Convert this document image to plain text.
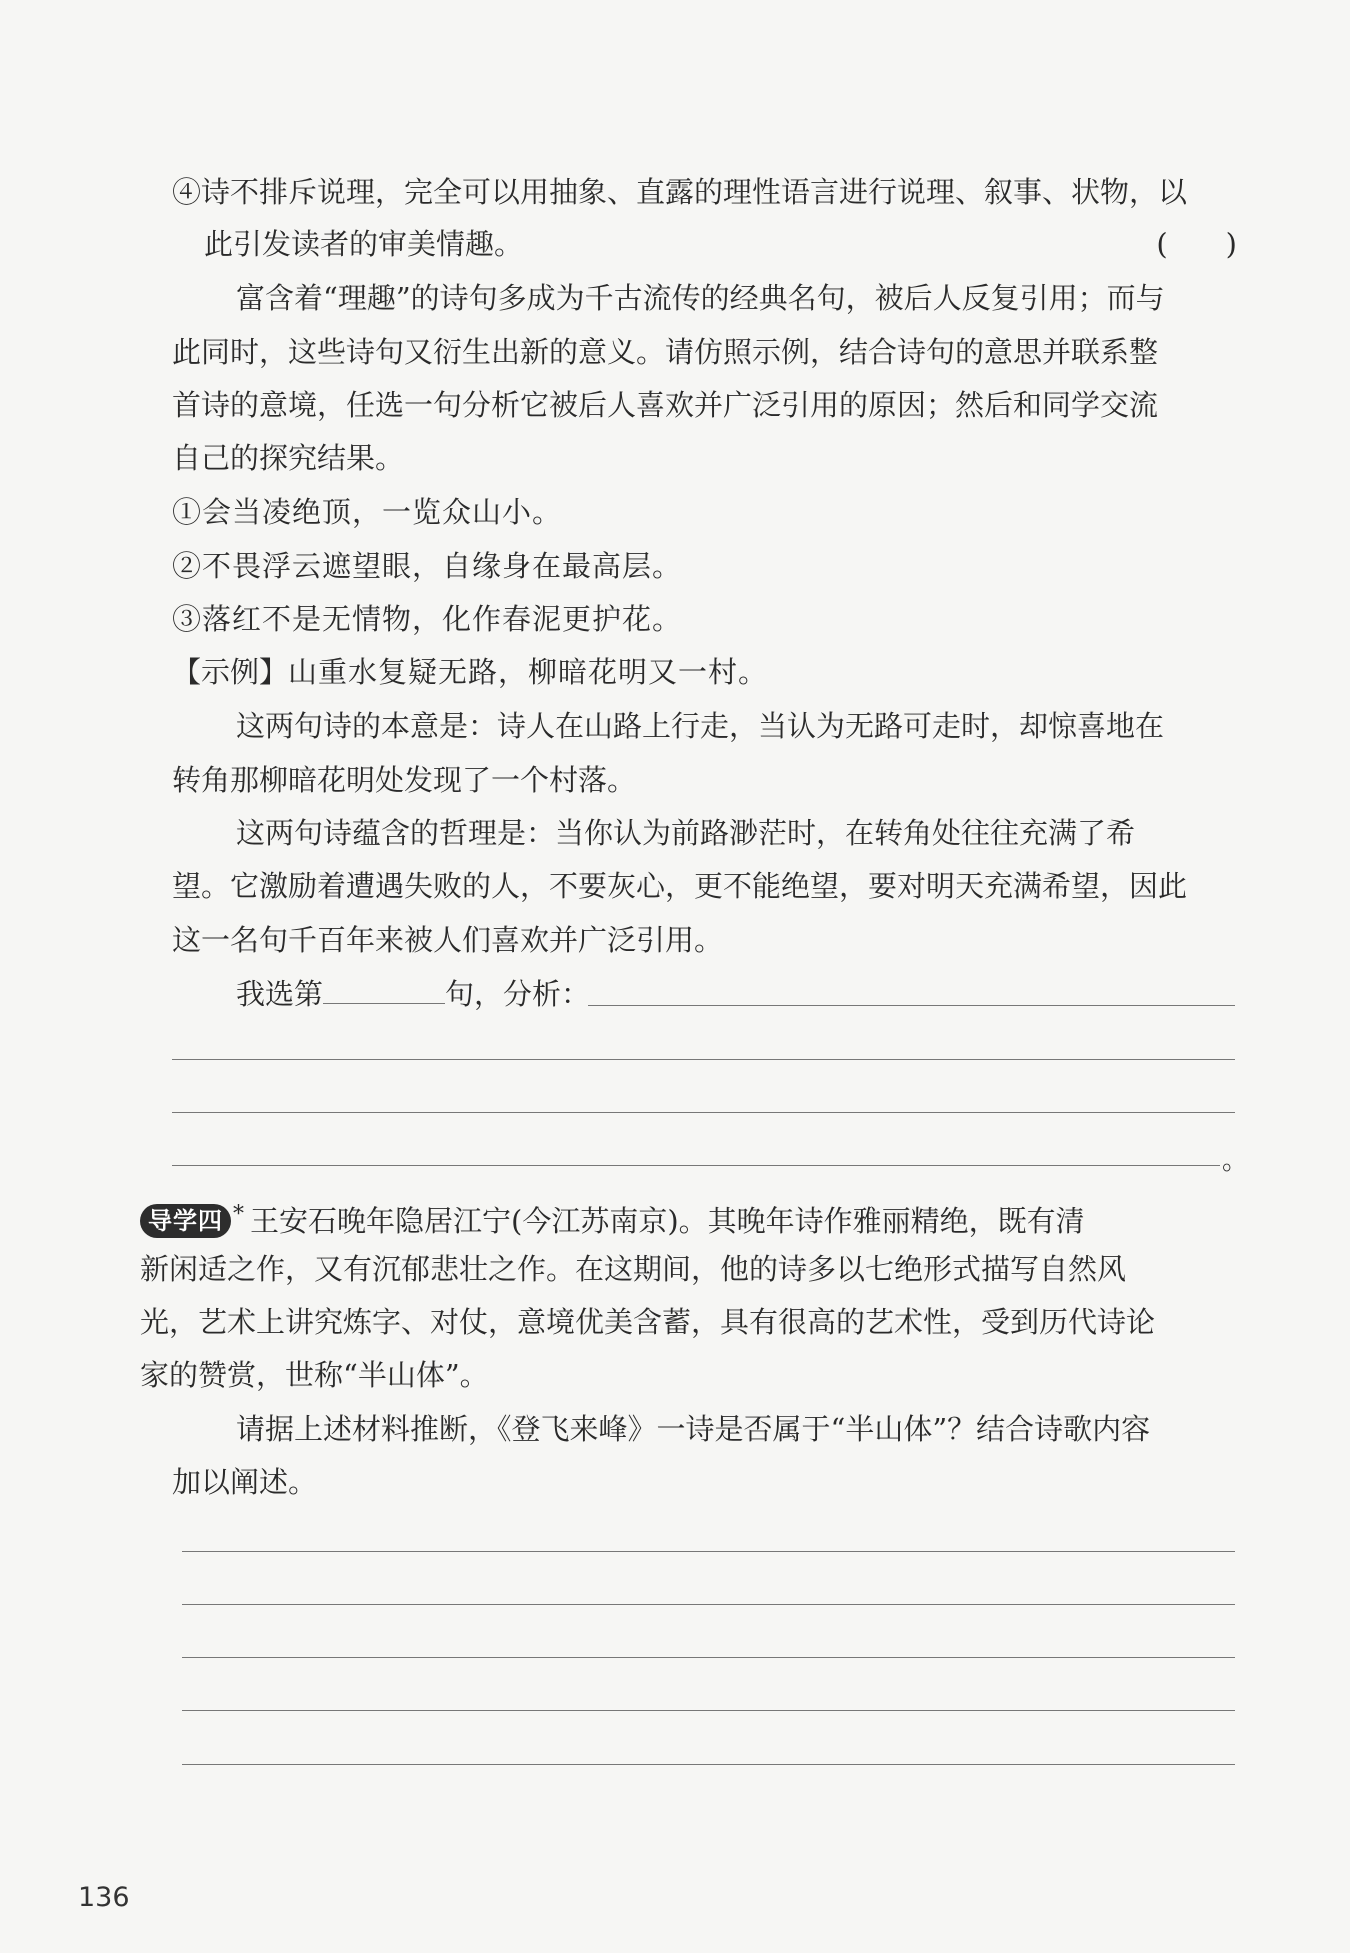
④诗不排斥说理，完全可以用抽象、直露的理性语言进行说理、叙事、状物，以
此引发读者的审美情趣。	(　　)
富含着“理趣”的诗句多成为千古流传的经典名句，被后人反复引用；而与
此同时，这些诗句又衍生出新的意义。请仿照示例，结合诗句的意思并联系整
首诗的意境，任选一句分析它被后人喜欢并广泛引用的原因；然后和同学交流
自己的探究结果。
①会当凌绝顶，一览众山小。
②不畏浮云遮望眼，自缘身在最高层。
③落红不是无情物，化作春泥更护花。
【示例】山重水复疑无路，柳暗花明又一村。
这两句诗的本意是：诗人在山路上行走，当认为无路可走时，却惊喜地在
转角那柳暗花明处发现了一个村落。
这两句诗蕴含的哲理是：当你认为前路渺茫时，在转角处往往充满了希
望。它激励着遭遇失败的人，不要灰心，更不能绝望，要对明天充满希望，因此
这一名句千百年来被人们喜欢并广泛引用。
我选第	句，分析：
。
导学四 * 王安石晚年隐居江宁(今江苏南京)。其晚年诗作雅丽精绝，既有清
新闲适之作，又有沉郁悲壮之作。在这期间，他的诗多以七绝形式描写自然风
光，艺术上讲究炼字、对仗，意境优美含蓄，具有很高的艺术性，受到历代诗论
家的赞赏，世称“半山体”。
请据上述材料推断，《登飞来峰》一诗是否属于“半山体”？结合诗歌内容
加以阐述。
136
